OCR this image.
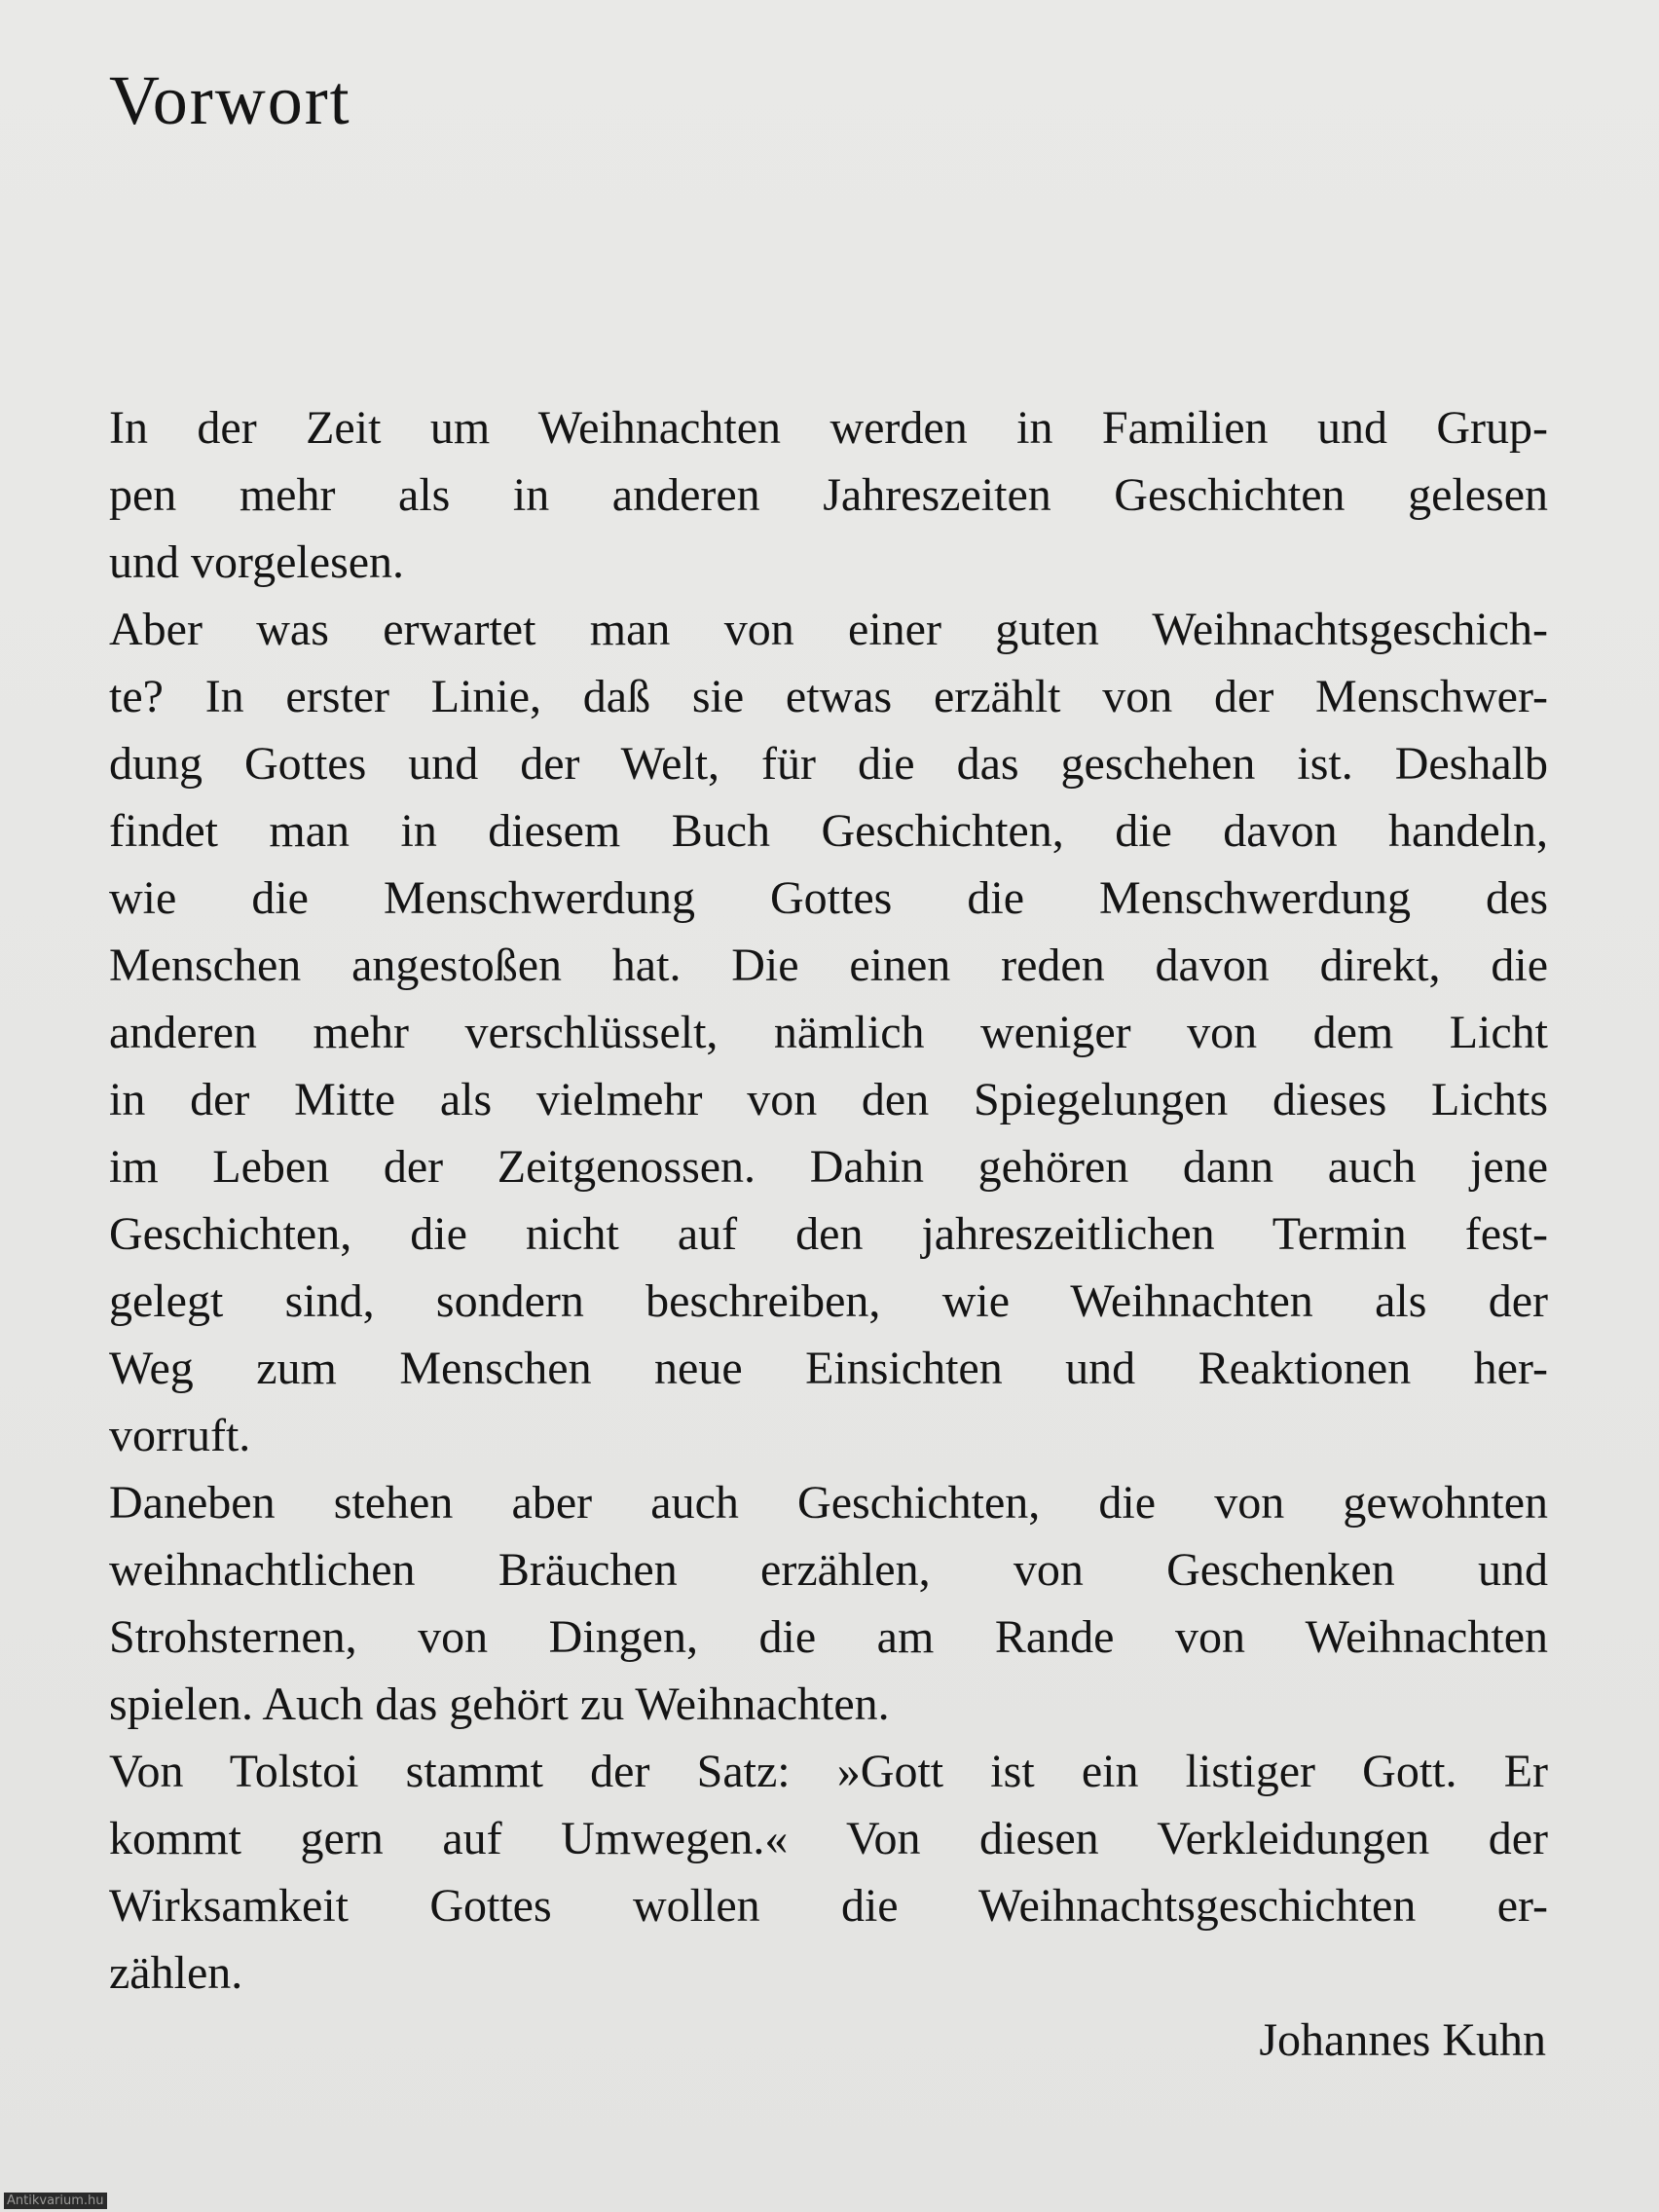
Vorwort
In der Zeit um Weihnachten werden in Familien und Grup-
pen mehr als in anderen Jahreszeiten Geschichten gelesen
und vorgelesen.
Aber was erwartet man von einer guten Weihnachtsgeschich-
te? In erster Linie, daß sie etwas erzählt von der Menschwer-
dung Gottes und der Welt, für die das geschehen ist. Deshalb
findet man in diesem Buch Geschichten, die davon handeln,
wie die Menschwerdung Gottes die Menschwerdung des
Menschen angestoßen hat. Die einen reden davon direkt, die
anderen mehr verschlüsselt, nämlich weniger von dem Licht
in der Mitte als vielmehr von den Spiegelungen dieses Lichts
im Leben der Zeitgenossen. Dahin gehören dann auch jene
Geschichten, die nicht auf den jahreszeitlichen Termin fest-
gelegt sind, sondern beschreiben, wie Weihnachten als der
Weg zum Menschen neue Einsichten und Reaktionen her-
vorruft.
Daneben stehen aber auch Geschichten, die von gewohnten
weihnachtlichen Bräuchen erzählen, von Geschenken und
Strohsternen, von Dingen, die am Rande von Weihnachten
spielen. Auch das gehört zu Weihnachten.
Von Tolstoi stammt der Satz: »Gott ist ein listiger Gott. Er
kommt gern auf Umwegen.« Von diesen Verkleidungen der
Wirksamkeit Gottes wollen die Weihnachtsgeschichten er-
zählen.
Johannes Kuhn
Antikvarium.hu
